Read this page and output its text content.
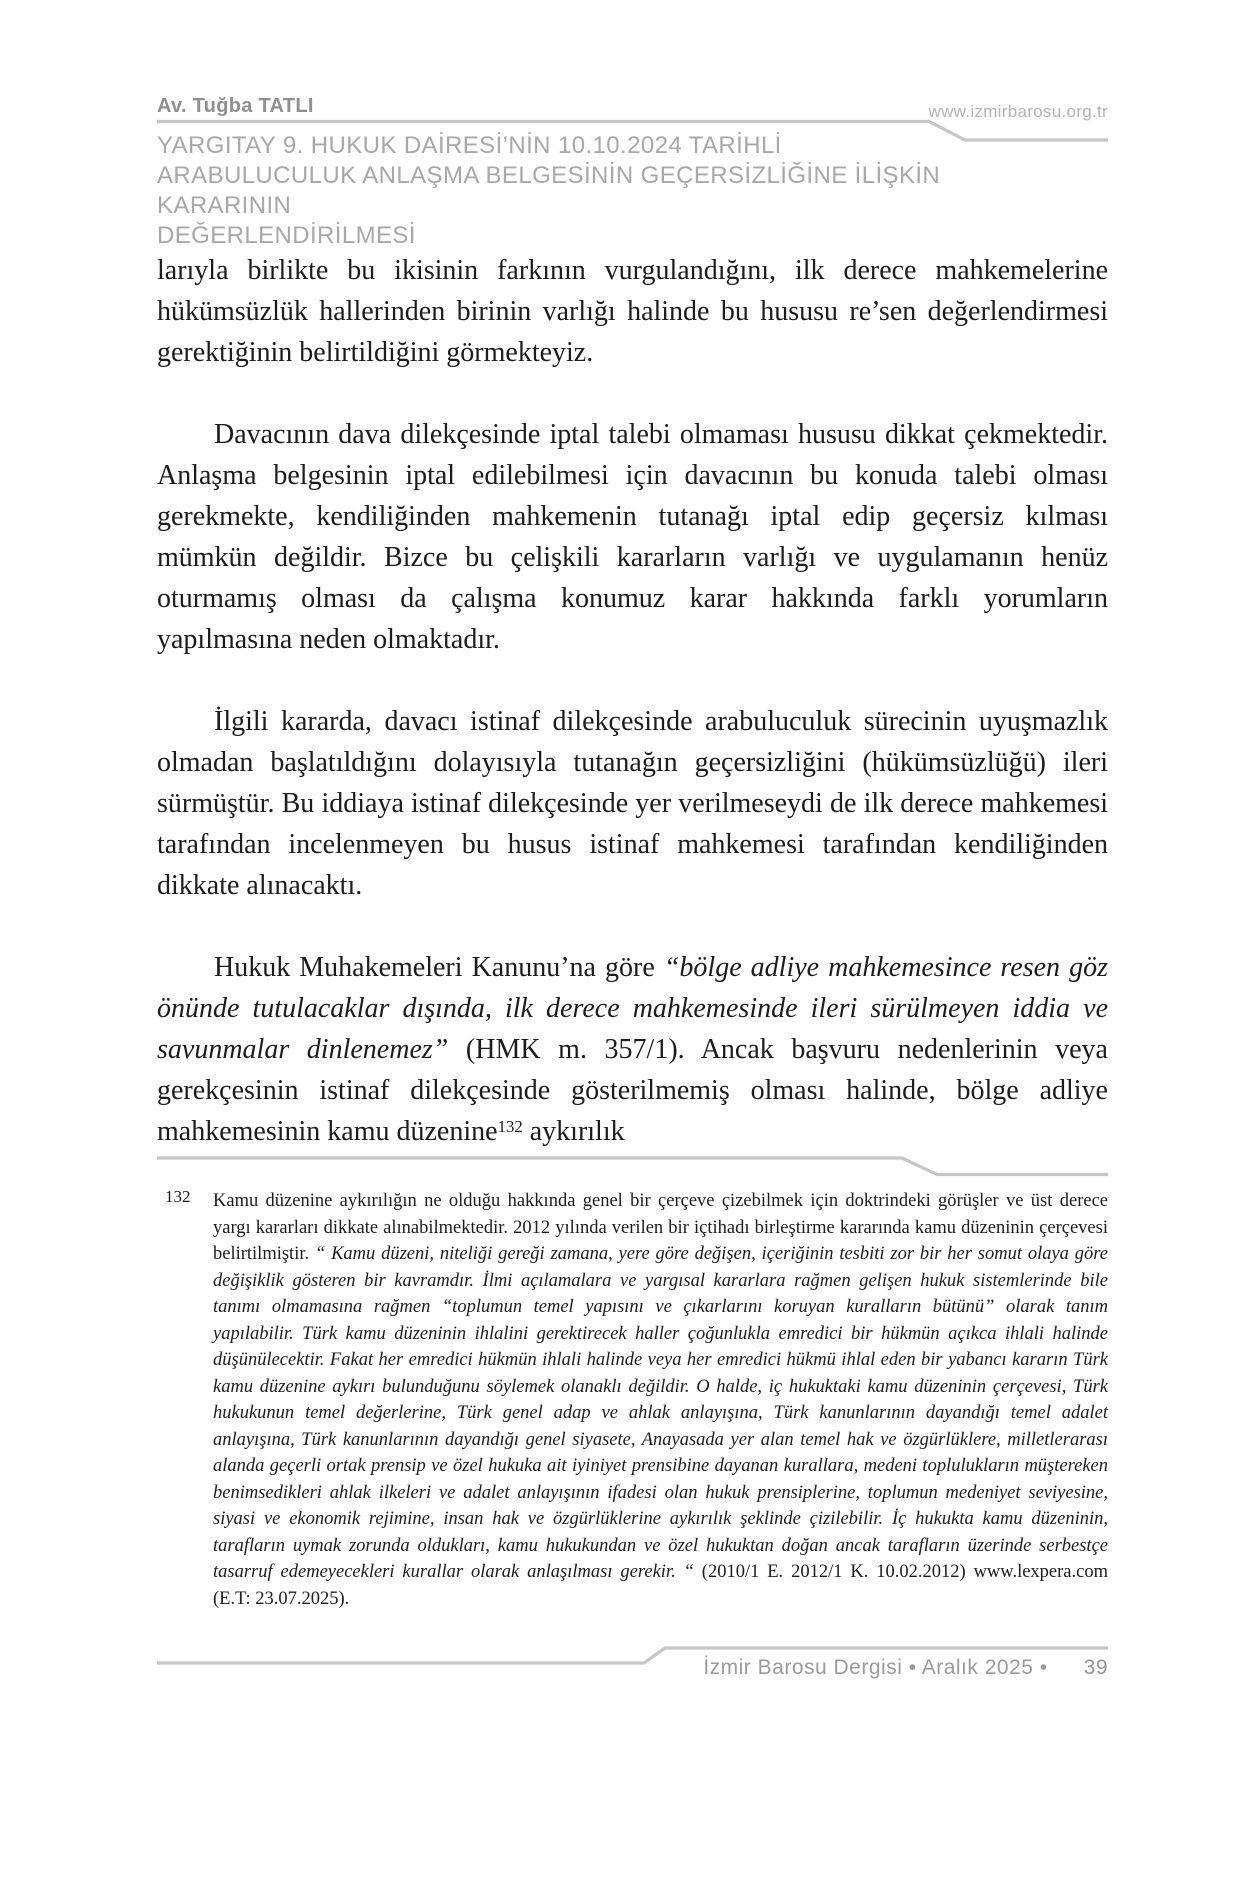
Av. Tuğba TATLI	www.izmirbarosu.org.tr
YARGITAY 9. HUKUK DAİRESİ’NİN 10.10.2024 TARİHLİ
ARABULUCULUK ANLAŞMA BELGESİNİN GEÇERSİZLİĞİNE İLİŞKİN KARARININ
DEĞERLENDİRİLMESİ

larıyla birlikte bu ikisinin farkının vurgulandığını, ilk derece mahkemelerine hükümsüzlük hallerinden birinin varlığı halinde bu hususu re’sen değerlendirmesi gerektiğinin belirtildiğini görmekteyiz.

Davacının dava dilekçesinde iptal talebi olmaması hususu dikkat çekmektedir. Anlaşma belgesinin iptal edilebilmesi için davacının bu konuda talebi olması gerekmekte, kendiliğinden mahkemenin tutanağı iptal edip geçersiz kılması mümkün değildir. Bizce bu çelişkili kararların varlığı ve uygulamanın henüz oturmamış olması da çalışma konumuz karar hakkında farklı yorumların yapılmasına neden olmaktadır.

İlgili kararda, davacı istinaf dilekçesinde arabuluculuk sürecinin uyuşmazlık olmadan başlatıldığını dolayısıyla tutanağın geçersizliğini (hükümsüzlüğü) ileri sürmüştür. Bu iddiaya istinaf dilekçesinde yer verilmeseydi de ilk derece mahkemesi tarafından incelenmeyen bu husus istinaf mahkemesi tarafından kendiliğinden dikkate alınacaktı.

Hukuk Muhakemeleri Kanunu’na göre “bölge adliye mahkemesince resen göz önünde tutulacaklar dışında, ilk derece mahkemesinde ileri sürülmeyen iddia ve savunmalar dinlenemez” (HMK m. 357/1). Ancak başvuru nedenlerinin veya gerekçesinin istinaf dilekçesinde gösterilmemiş olması halinde, bölge adliye mahkemesinin kamu düzenine$^{132}$ aykırılık

132	Kamu düzenine aykırılığın ne olduğu hakkında genel bir çerçeve çizebilmek için doktrindeki görüşler ve üst derece yargı kararları dikkate alınabilmektedir. 2012 yılında verilen bir içtihadı birleştirme kararında kamu düzeninin çerçevesi belirtilmiştir. “ Kamu düzeni, niteliği gereği zamana, yere göre değişen, içeriğinin tesbiti zor bir her somut olaya göre değişiklik gösteren bir kavramdır. İlmi açılamalara ve yargısal kararlara rağmen gelişen hukuk sistemlerinde bile tanımı olmamasına rağmen “toplumun temel yapısını ve çıkarlarını koruyan kuralların bütünü” olarak tanım yapılabilir. Türk kamu düzeninin ihlalini gerektirecek haller çoğunlukla emredici bir hükmün açıkca ihlali halinde düşünülecektir. Fakat her emredici hükmün ihlali halinde veya her emredici hükmü ihlal eden bir yabancı kararın Türk kamu düzenine aykırı bulunduğunu söylemek olanaklı değildir. O halde, iç hukuktaki kamu düzeninin çerçevesi, Türk hukukunun temel değerlerine, Türk genel adap ve ahlak anlayışına, Türk kanunlarının dayandığı temel adalet anlayışına, Türk kanunlarının dayandığı genel siyasete, Anayasada yer alan temel hak ve özgürlüklere, milletlerarası alanda geçerli ortak prensip ve özel hukuka ait iyiniyet prensibine dayanan kurallara, medeni toplulukların müştereken benimsedikleri ahlak ilkeleri ve adalet anlayışının ifadesi olan hukuk prensiplerine, toplumun medeniyet seviyesine, siyasi ve ekonomik rejimine, insan hak ve özgürlüklerine aykırılık şeklinde çizilebilir. İç hukukta kamu düzeninin, tarafların uymak zorunda oldukları, kamu hukukundan ve özel hukuktan doğan ancak tarafların üzerinde serbestçe tasarruf edemeyecekleri kurallar olarak anlaşılması gerekir. “ (2010/1 E. 2012/1 K. 10.02.2012) www.lexpera.com (E.T: 23.07.2025).
İzmir Barosu Dergisi • Aralık 2025 • 39
